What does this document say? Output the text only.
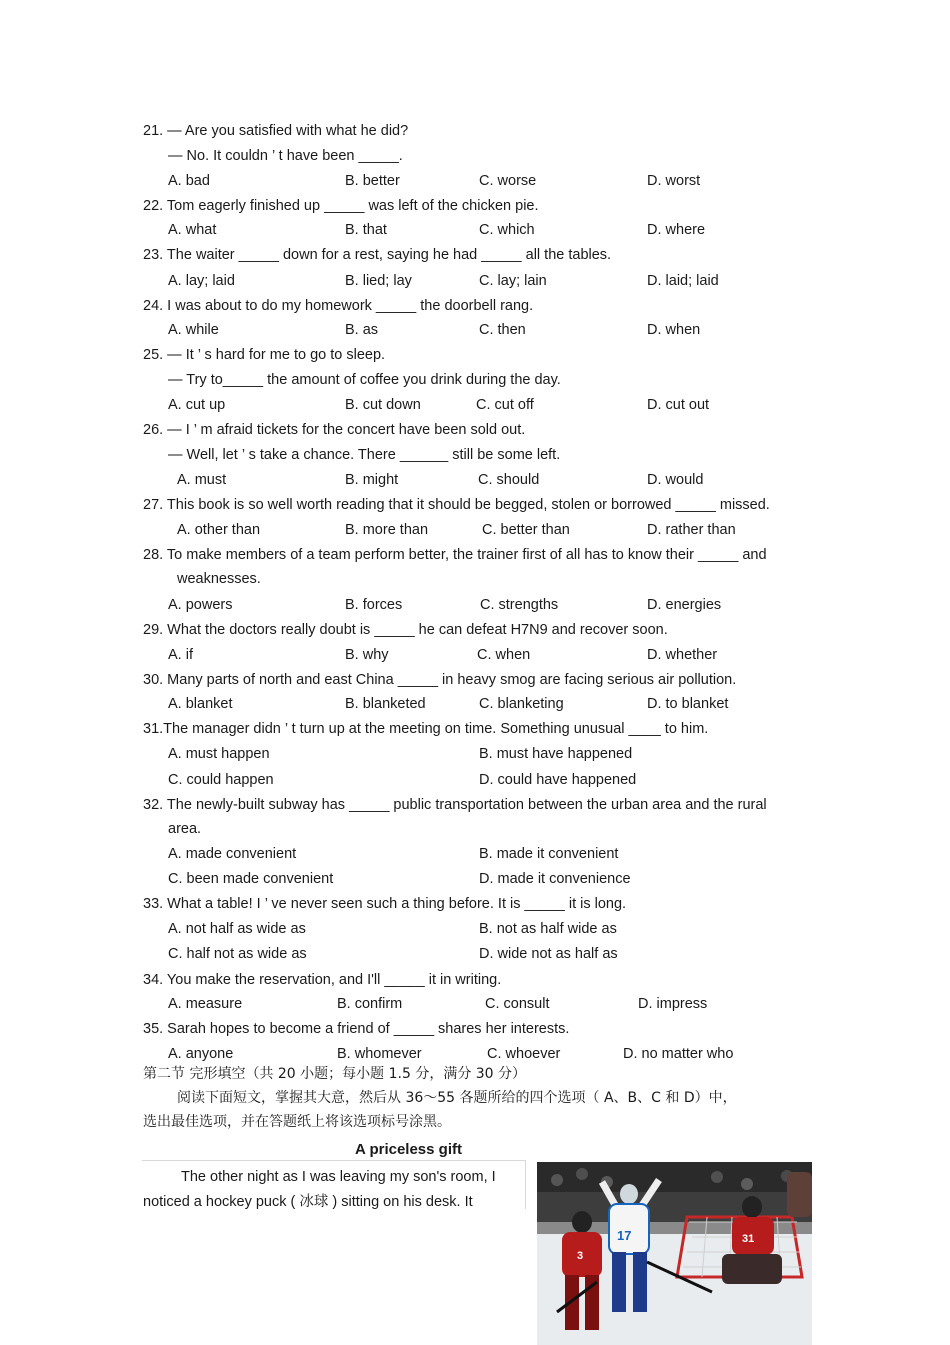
21. — Are you satisfied with what he did?
— No. It couldn ’ t have been _____.
A. bad	B. better	C. worse	D. worst
22. Tom eagerly finished up _____ was left of the chicken pie.
A. what	B. that	C. which	D. where
23. The waiter _____ down for a rest, saying he had _____ all the tables.
A. lay; laid	B. lied; lay	C. lay; lain	D. laid; laid
24. I was about to do my homework _____ the doorbell rang.
A. while	B. as	C. then	D. when
25. — It ’ s hard for me to go to sleep.
— Try to_____ the amount of coffee you drink during the day.
A. cut up	B. cut down	C. cut off	D. cut out
26. — I ’ m afraid tickets for the concert have been sold out.
— Well, let ’ s take a chance. There ______ still be some left.
A. must	B. might	C. should	D. would
27. This book is so well worth reading that it should be begged, stolen or borrowed _____ missed.
A. other than	B. more than	C. better than	D. rather than
28. To make members of a team perform better, the trainer first of all has to know their _____ and
weaknesses.
A. powers	B. forces	C. strengths	D. energies
29. What the doctors really doubt is _____ he can defeat H7N9 and recover soon.
A. if	B. why	C. when	D. whether
30. Many parts of north and east China _____ in heavy smog are facing serious air pollution.
A. blanket	B. blanketed	C. blanketing	D. to blanket
31.The manager didn ’ t turn up at the meeting on time. Something unusual ____ to him.
A. must happen	B. must have happened
C. could happen	D. could have happened
32. The newly-built subway has _____ public transportation between the urban area and the rural
area.
A. made convenient	B. made it convenient
C. been made convenient	D. made it convenience
33. What a table! I ’ ve never seen such a thing before. It is _____ it is long.
A. not half as wide as	B. not as half wide as
C. half not as wide as	D. wide not as half as
34. You make the reservation, and I'll _____ it in writing.
A. measure	B. confirm	C. consult	D. impress
35. Sarah hopes to become a friend of _____ shares her interests.
A. anyone	B. whomever	C. whoever	D. no matter who
第二节 完形填空（共 20 小题；每小题 1.5 分，满分 30 分）
阅读下面短文，掌握其大意，然后从 36～55 各题所给的四个选项（ A、B、C 和 D）中，
选出最佳选项，并在答题纸上将该选项标号涂黑。
A priceless gift
The other night as I was leaving my son's room, I
noticed a hockey puck ( 冰球 ) sitting on his desk. It
31
17
3
